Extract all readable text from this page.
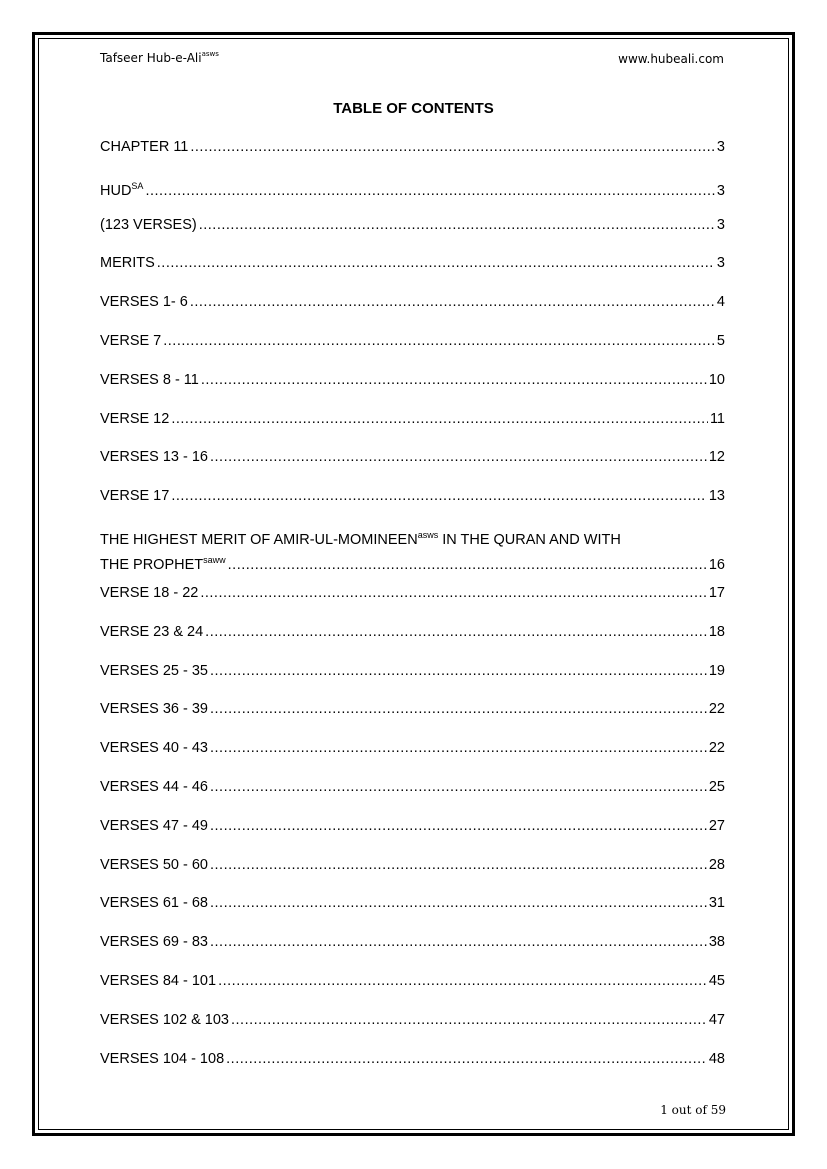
Tafseer Hub-e-Ali$^{asws}$	www.hubeali.com
TABLE OF CONTENTS
CHAPTER 11 .....	3
$HUD^{SA}$ .....	3
(123 VERSES) .....	3
MERITS .....	3
VERSES 1- 6 .....	4
VERSE 7 .....	5
VERSES 8 - 11 .....	10
VERSE 12 .....	11
VERSES 13 - 16 .....	12
VERSE 17 .....	13
THE HIGHEST MERIT OF AMIR-$UL-MOMINEEN^{asws}$ IN THE QURAN AND WITH
THE $PROPHET^{saww}$ .....	16
VERSE 18 - 22 .....	17
VERSE 23 & 24 .....	18
VERSES 25 - 35 .....	19
VERSES 36 - 39 .....	22
VERSES 40 - 43 .....	22
VERSES 44 - 46 .....	25
VERSES 47 - 49 .....	27
VERSES 50 - 60 .....	28
VERSES 61 - 68 .....	31
VERSES 69 - 83 .....	38
VERSES 84 - 101 .....	45
VERSES 102 & 103 .....	47
VERSES 104 - 108 .....	48
1 out of 59
